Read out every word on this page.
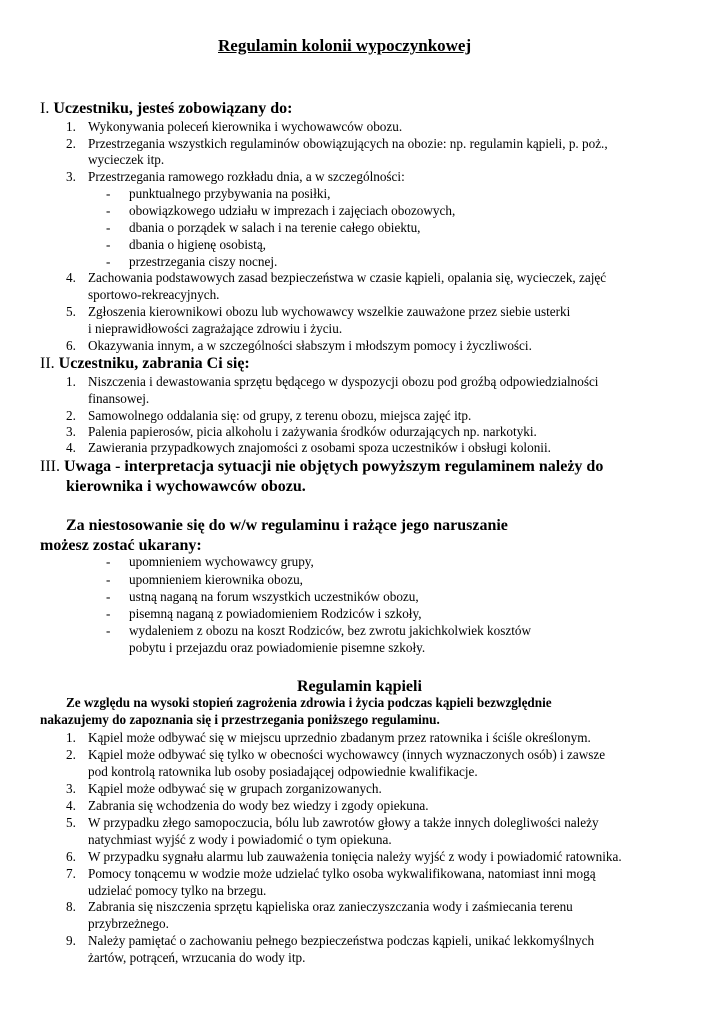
Regulamin kolonii wypoczynkowej
I. Uczestniku, jesteś zobowiązany do:
1. Wykonywania poleceń kierownika i wychowawców obozu.
2. Przestrzegania wszystkich regulaminów obowiązujących na obozie: np. regulamin kąpieli, p. poż.,
wycieczek itp.
3. Przestrzegania ramowego rozkładu dnia, a w szczególności:
- punktualnego przybywania na posiłki,
- obowiązkowego udziału w imprezach i zajęciach obozowych,
- dbania o porządek w salach i na terenie całego obiektu,
- dbania o higienę osobistą,
- przestrzegania ciszy nocnej.
4. Zachowania podstawowych zasad bezpieczeństwa w czasie kąpieli, opalania się, wycieczek, zajęć
sportowo-rekreacyjnych.
5. Zgłoszenia kierownikowi obozu lub wychowawcy wszelkie zauważone przez siebie usterki
i nieprawidłowości zagrażające zdrowiu i życiu.
6. Okazywania innym, a w szczególności słabszym i młodszym pomocy i życzliwości.
II. Uczestniku, zabrania Ci się:
1. Niszczenia i dewastowania sprzętu będącego w dyspozycji obozu pod groźbą odpowiedzialności
finansowej.
2. Samowolnego oddalania się: od grupy, z terenu obozu, miejsca zajęć itp.
3. Palenia papierosów, picia alkoholu i zażywania środków odurzających np. narkotyki.
4. Zawierania przypadkowych znajomości z osobami spoza uczestników i obsługi kolonii.
III. Uwaga - interpretacja sytuacji nie objętych powyższym regulaminem należy do
kierownika i wychowawców obozu.
Za niestosowanie się do w/w regulaminu i rażące jego naruszanie
możesz zostać ukarany:
- upomnieniem wychowawcy grupy,
- upomnieniem kierownika obozu,
- ustną naganą na forum wszystkich uczestników obozu,
- pisemną naganą z powiadomieniem Rodziców i szkoły,
- wydaleniem z obozu na koszt Rodziców, bez zwrotu jakichkolwiek kosztów
pobytu i przejazdu oraz powiadomienie pisemne szkoły.
Regulamin kąpieli
Ze względu na wysoki stopień zagrożenia zdrowia i życia podczas kąpieli bezwzględnie
nakazujemy do zapoznania się i przestrzegania poniższego regulaminu.
1. Kąpiel może odbywać się w miejscu uprzednio zbadanym przez ratownika i ściśle określonym.
2. Kąpiel może odbywać się tylko w obecności wychowawcy (innych wyznaczonych osób) i zawsze
pod kontrolą ratownika lub osoby posiadającej odpowiednie kwalifikacje.
3. Kąpiel może odbywać się w grupach zorganizowanych.
4. Zabrania się wchodzenia do wody bez wiedzy i zgody opiekuna.
5. W przypadku złego samopoczucia, bólu lub zawrotów głowy a także innych dolegliwości należy
natychmiast wyjść z wody i powiadomić o tym opiekuna.
6. W przypadku sygnału alarmu lub zauważenia tonięcia należy wyjść z wody i powiadomić ratownika.
7. Pomocy tonącemu w wodzie może udzielać tylko osoba wykwalifikowana, natomiast inni mogą
udzielać pomocy tylko na brzegu.
8. Zabrania się niszczenia sprzętu kąpieliska oraz zanieczyszczania wody i zaśmiecania terenu
przybrzeżnego.
9. Należy pamiętać o zachowaniu pełnego bezpieczeństwa podczas kąpieli, unikać lekkomyślnych
żartów, potrąceń, wrzucania do wody itp.
